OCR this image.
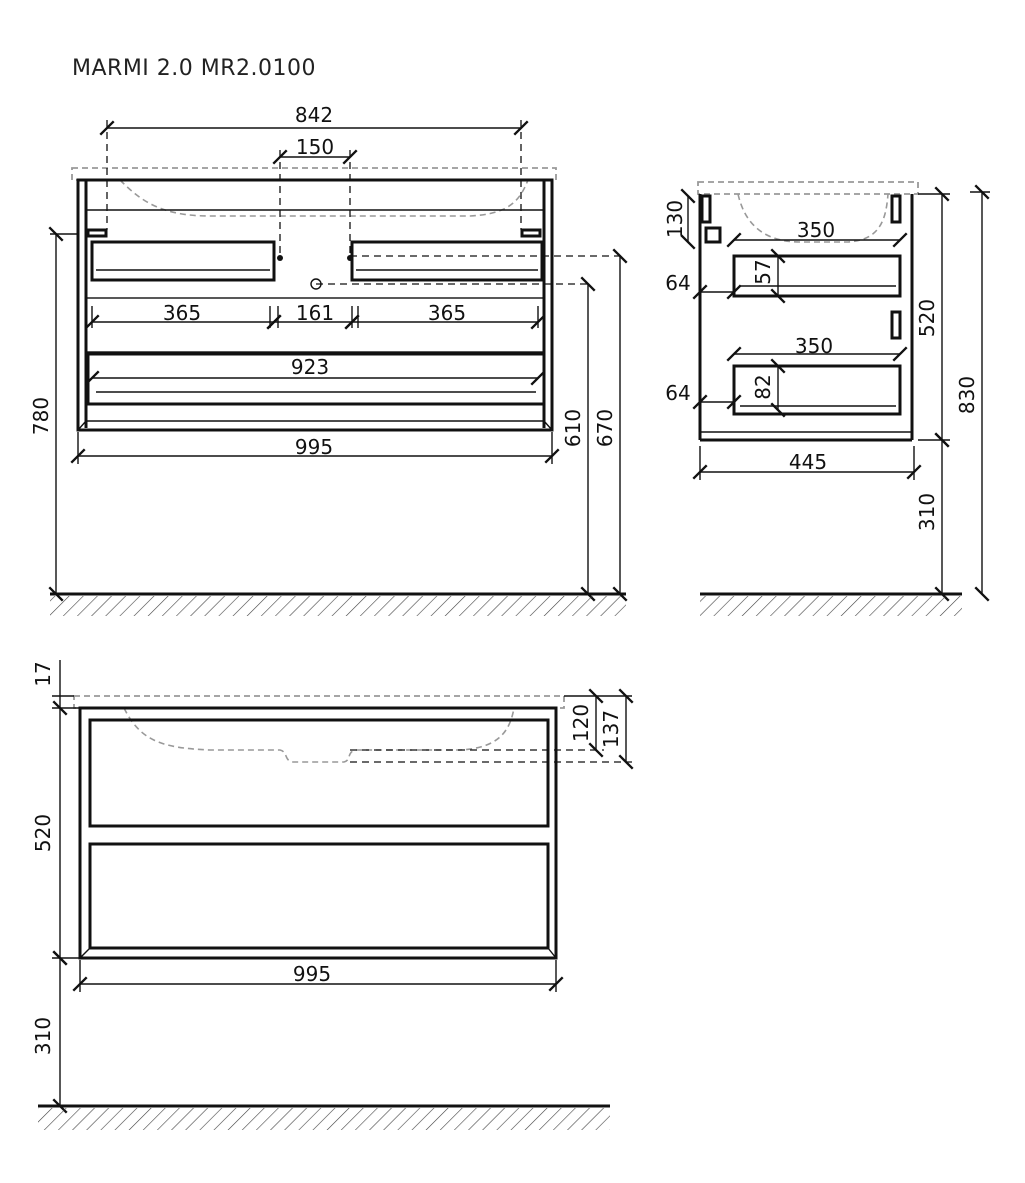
MARMI 2.0 MR2.0100
842
150
365	161	365
923
995
780	610 670
130	350
64	57
350
64	82
445
520
310
830
17
520
310
995
120 137
